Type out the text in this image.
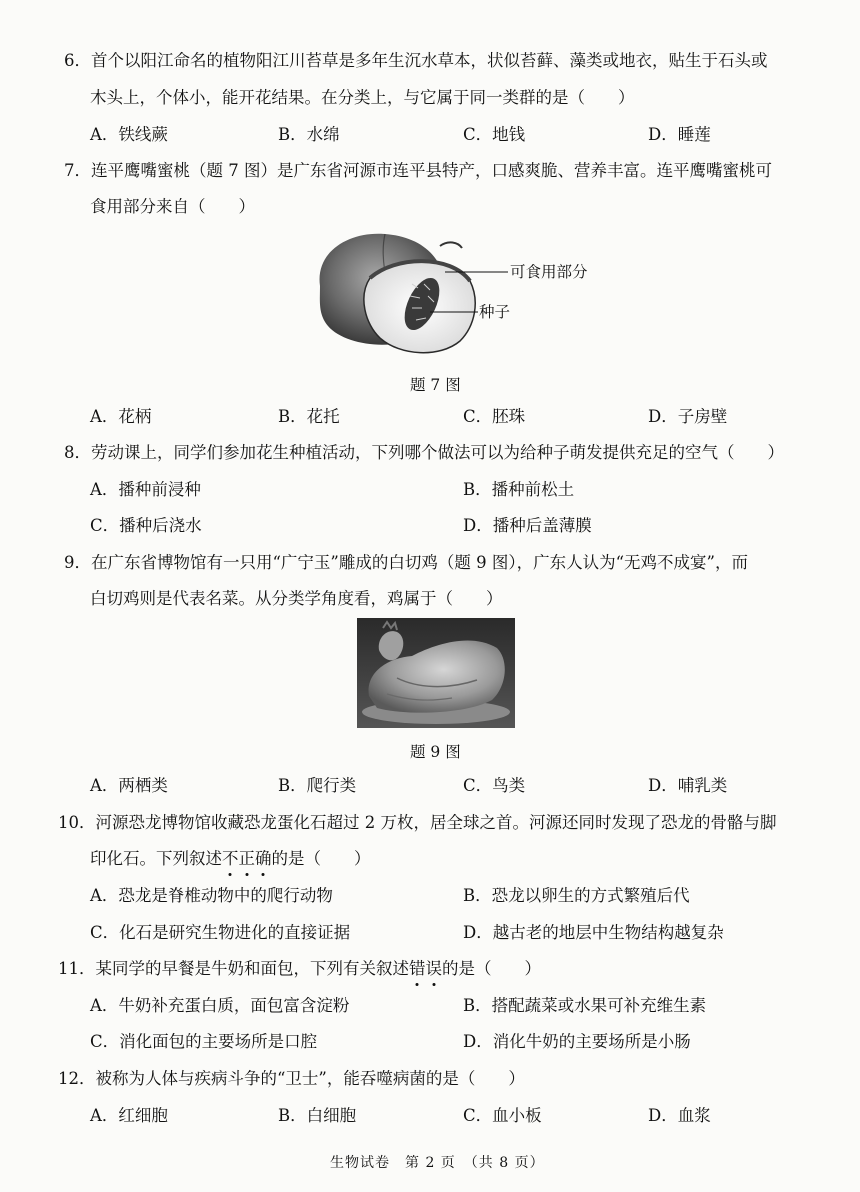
6．首个以阳江命名的植物阳江川苔草是多年生沉水草本，状似苔藓、藻类或地衣，贴生于石头或
木头上，个体小，能开花结果。在分类上，与它属于同一类群的是（　　）
A．铁线蕨	B．水绵	C．地钱	D．睡莲
7．连平鹰嘴蜜桃（题 7 图）是广东省河源市连平县特产，口感爽脆、营养丰富。连平鹰嘴蜜桃可
食用部分来自（　　）
可食用部分
种子
题 7 图
A．花柄	B．花托	C．胚珠	D．子房壁
8．劳动课上，同学们参加花生种植活动，下列哪个做法可以为给种子萌发提供充足的空气（　　）
A．播种前浸种	B．播种前松土
C．播种后浇水	D．播种后盖薄膜
9．在广东省博物馆有一只用“广宁玉”雕成的白切鸡（题 9 图），广东人认为“无鸡不成宴”，而
白切鸡则是代表名菜。从分类学角度看，鸡属于（　　）
题 9 图
A．两栖类	B．爬行类	C．鸟类	D．哺乳类
10．河源恐龙博物馆收藏恐龙蛋化石超过 2 万枚，居全球之首。河源还同时发现了恐龙的骨骼与脚
印化石。下列叙述不正确的是（　　）
A．恐龙是脊椎动物中的爬行动物	B．恐龙以卵生的方式繁殖后代
C．化石是研究生物进化的直接证据	D．越古老的地层中生物结构越复杂
11．某同学的早餐是牛奶和面包，下列有关叙述错误的是（　　）
A．牛奶补充蛋白质，面包富含淀粉	B．搭配蔬菜或水果可补充维生素
C．消化面包的主要场所是口腔	D．消化牛奶的主要场所是小肠
12．被称为人体与疾病斗争的“卫士”，能吞噬病菌的是（　　）
A．红细胞	B．白细胞	C．血小板	D．血浆
生物试卷　第 2 页　（共 8 页）
